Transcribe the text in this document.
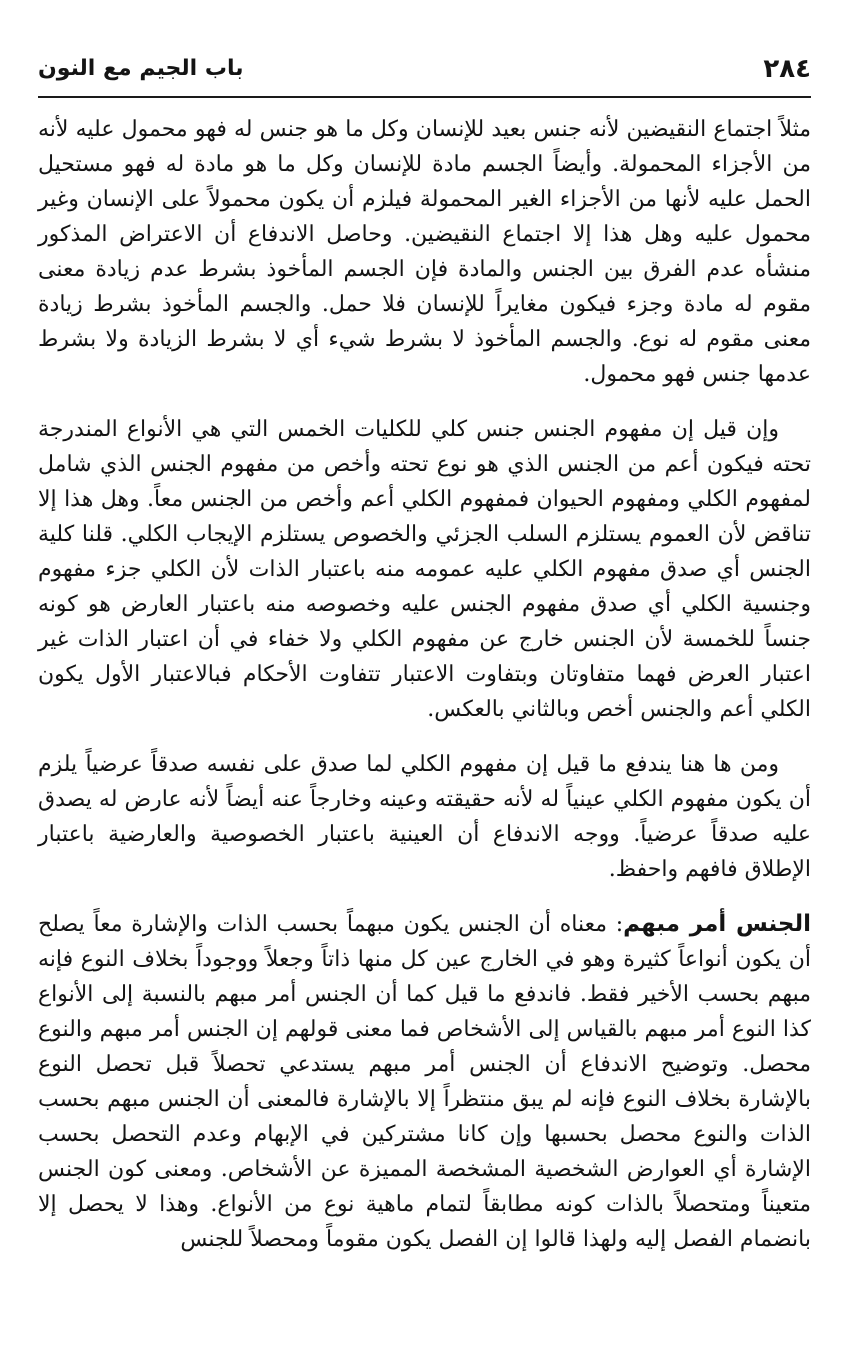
٢٨٤
باب الجيم مع النون

مثلاً اجتماع النقيضين لأنه جنس بعيد للإنسان وكل ما هو جنس له فهو محمول عليه لأنه من الأجزاء المحمولة. وأيضاً الجسم مادة للإنسان وكل ما هو مادة له فهو مستحيل الحمل عليه لأنها من الأجزاء الغير المحمولة فيلزم أن يكون محمولاً على الإنسان وغير محمول عليه وهل هذا إلا اجتماع النقيضين. وحاصل الاندفاع أن الاعتراض المذكور منشأه عدم الفرق بين الجنس والمادة فإن الجسم المأخوذ بشرط عدم زيادة معنى مقوم له مادة وجزء فيكون مغايراً للإنسان فلا حمل. والجسم المأخوذ بشرط زيادة معنى مقوم له نوع. والجسم المأخوذ لا بشرط شيء أي لا بشرط الزيادة ولا بشرط عدمها جنس فهو محمول.

وإن قيل إن مفهوم الجنس جنس كلي للكليات الخمس التي هي الأنواع المندرجة تحته فيكون أعم من الجنس الذي هو نوع تحته وأخص من مفهوم الجنس الذي شامل لمفهوم الكلي ومفهوم الحيوان فمفهوم الكلي أعم وأخص من الجنس معاً. وهل هذا إلا تناقض لأن العموم يستلزم السلب الجزئي والخصوص يستلزم الإيجاب الكلي. قلنا كلية الجنس أي صدق مفهوم الكلي عليه عمومه منه باعتبار الذات لأن الكلي جزء مفهوم وجنسية الكلي أي صدق مفهوم الجنس عليه وخصوصه منه باعتبار العارض هو كونه جنساً للخمسة لأن الجنس خارج عن مفهوم الكلي ولا خفاء في أن اعتبار الذات غير اعتبار العرض فهما متفاوتان وبتفاوت الاعتبار تتفاوت الأحكام فبالاعتبار الأول يكون الكلي أعم والجنس أخص وبالثاني بالعكس.

ومن ها هنا يندفع ما قيل إن مفهوم الكلي لما صدق على نفسه صدقاً عرضياً يلزم أن يكون مفهوم الكلي عينياً له لأنه حقيقته وعينه وخارجاً عنه أيضاً لأنه عارض له يصدق عليه صدقاً عرضياً. ووجه الاندفاع أن العينية باعتبار الخصوصية والعارضية باعتبار الإطلاق فافهم واحفظ.

الجنس أمر مبهم: معناه أن الجنس يكون مبهماً بحسب الذات والإشارة معاً يصلح أن يكون أنواعاً كثيرة وهو في الخارج عين كل منها ذاتاً وجعلاً ووجوداً بخلاف النوع فإنه مبهم بحسب الأخير فقط. فاندفع ما قيل كما أن الجنس أمر مبهم بالنسبة إلى الأنواع كذا النوع أمر مبهم بالقياس إلى الأشخاص فما معنى قولهم إن الجنس أمر مبهم والنوع محصل. وتوضيح الاندفاع أن الجنس أمر مبهم يستدعي تحصلاً قبل تحصل النوع بالإشارة بخلاف النوع فإنه لم يبق منتظراً إلا بالإشارة فالمعنى أن الجنس مبهم بحسب الذات والنوع محصل بحسبها وإن كانا مشتركين في الإبهام وعدم التحصل بحسب الإشارة أي العوارض الشخصية المشخصة المميزة عن الأشخاص. ومعنى كون الجنس متعيناً ومتحصلاً بالذات كونه مطابقاً لتمام ماهية نوع من الأنواع. وهذا لا يحصل إلا بانضمام الفصل إليه ولهذا قالوا إن الفصل يكون مقوماً ومحصلاً للجنس
